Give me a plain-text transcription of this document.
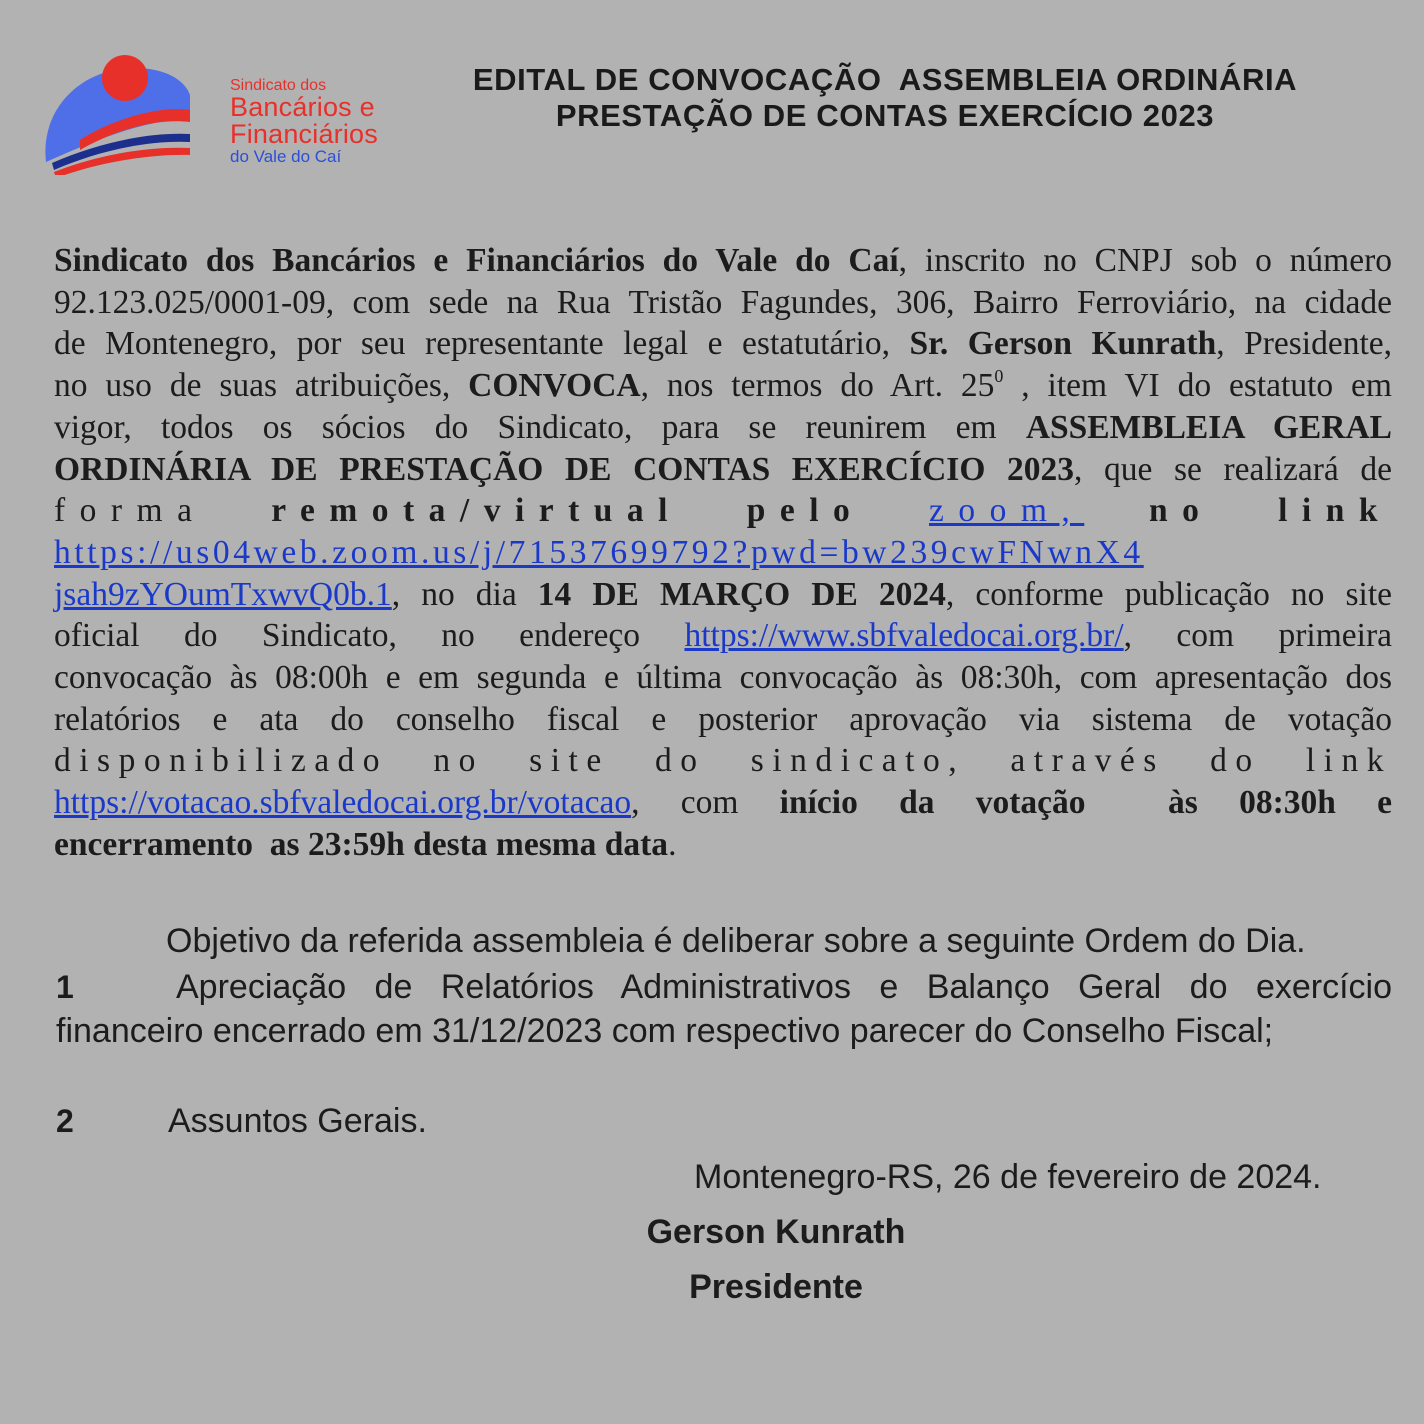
Sindicato dos
Bancários e
Financiários
do Vale do Caí
EDITAL DE CONVOCAÇÃO  ASSEMBLEIA ORDINÁRIA
PRESTAÇÃO DE CONTAS EXERCÍCIO 2023
Sindicato dos Bancários e Financiários do Vale do Caí, inscrito no CNPJ sob o número
92.123.025/0001-09, com sede na Rua Tristão Fagundes, 306, Bairro Ferroviário, na cidade
de Montenegro, por seu representante legal e estatutário, Sr. Gerson Kunrath, Presidente,
no uso de suas atribuições, CONVOCA, nos termos do Art. $25^0$ , item VI do estatuto em
vigor, todos os sócios do Sindicato, para se reunirem em ASSEMBLEIA GERAL
ORDINÁRIA DE PRESTAÇÃO DE CONTAS EXERCÍCIO 2023, que se realizará de
forma remota/virtual pelo zoom, no link
https://us04web.zoom.us/j/71537699792?pwd=bw239cwFNwnX4
jsah9zYOumTxwvQ0b.1, no dia 14 DE MARÇO DE 2024, conforme publicação no site
oficial do Sindicato, no endereço https://www.sbfvaledocai.org.br/, com primeira
convocação às 08:00h e em segunda e última convocação às 08:30h, com apresentação dos
relatórios e ata do conselho fiscal e posterior aprovação via sistema de votação
disponibilizado no site do sindicato, através do link
https://votacao.sbfvaledocai.org.br/votacao, com início da votação  às 08:30h e
encerramento  as 23:59h desta mesma data.
Objetivo da referida assembleia é deliberar sobre a seguinte Ordem do Dia.
1	Apreciação de Relatórios Administrativos e Balanço Geral do exercício
financeiro encerrado em 31/12/2023 com respectivo parecer do Conselho Fiscal;
2	Assuntos Gerais.
Montenegro-RS, 26 de fevereiro de 2024.
Gerson Kunrath
Presidente
